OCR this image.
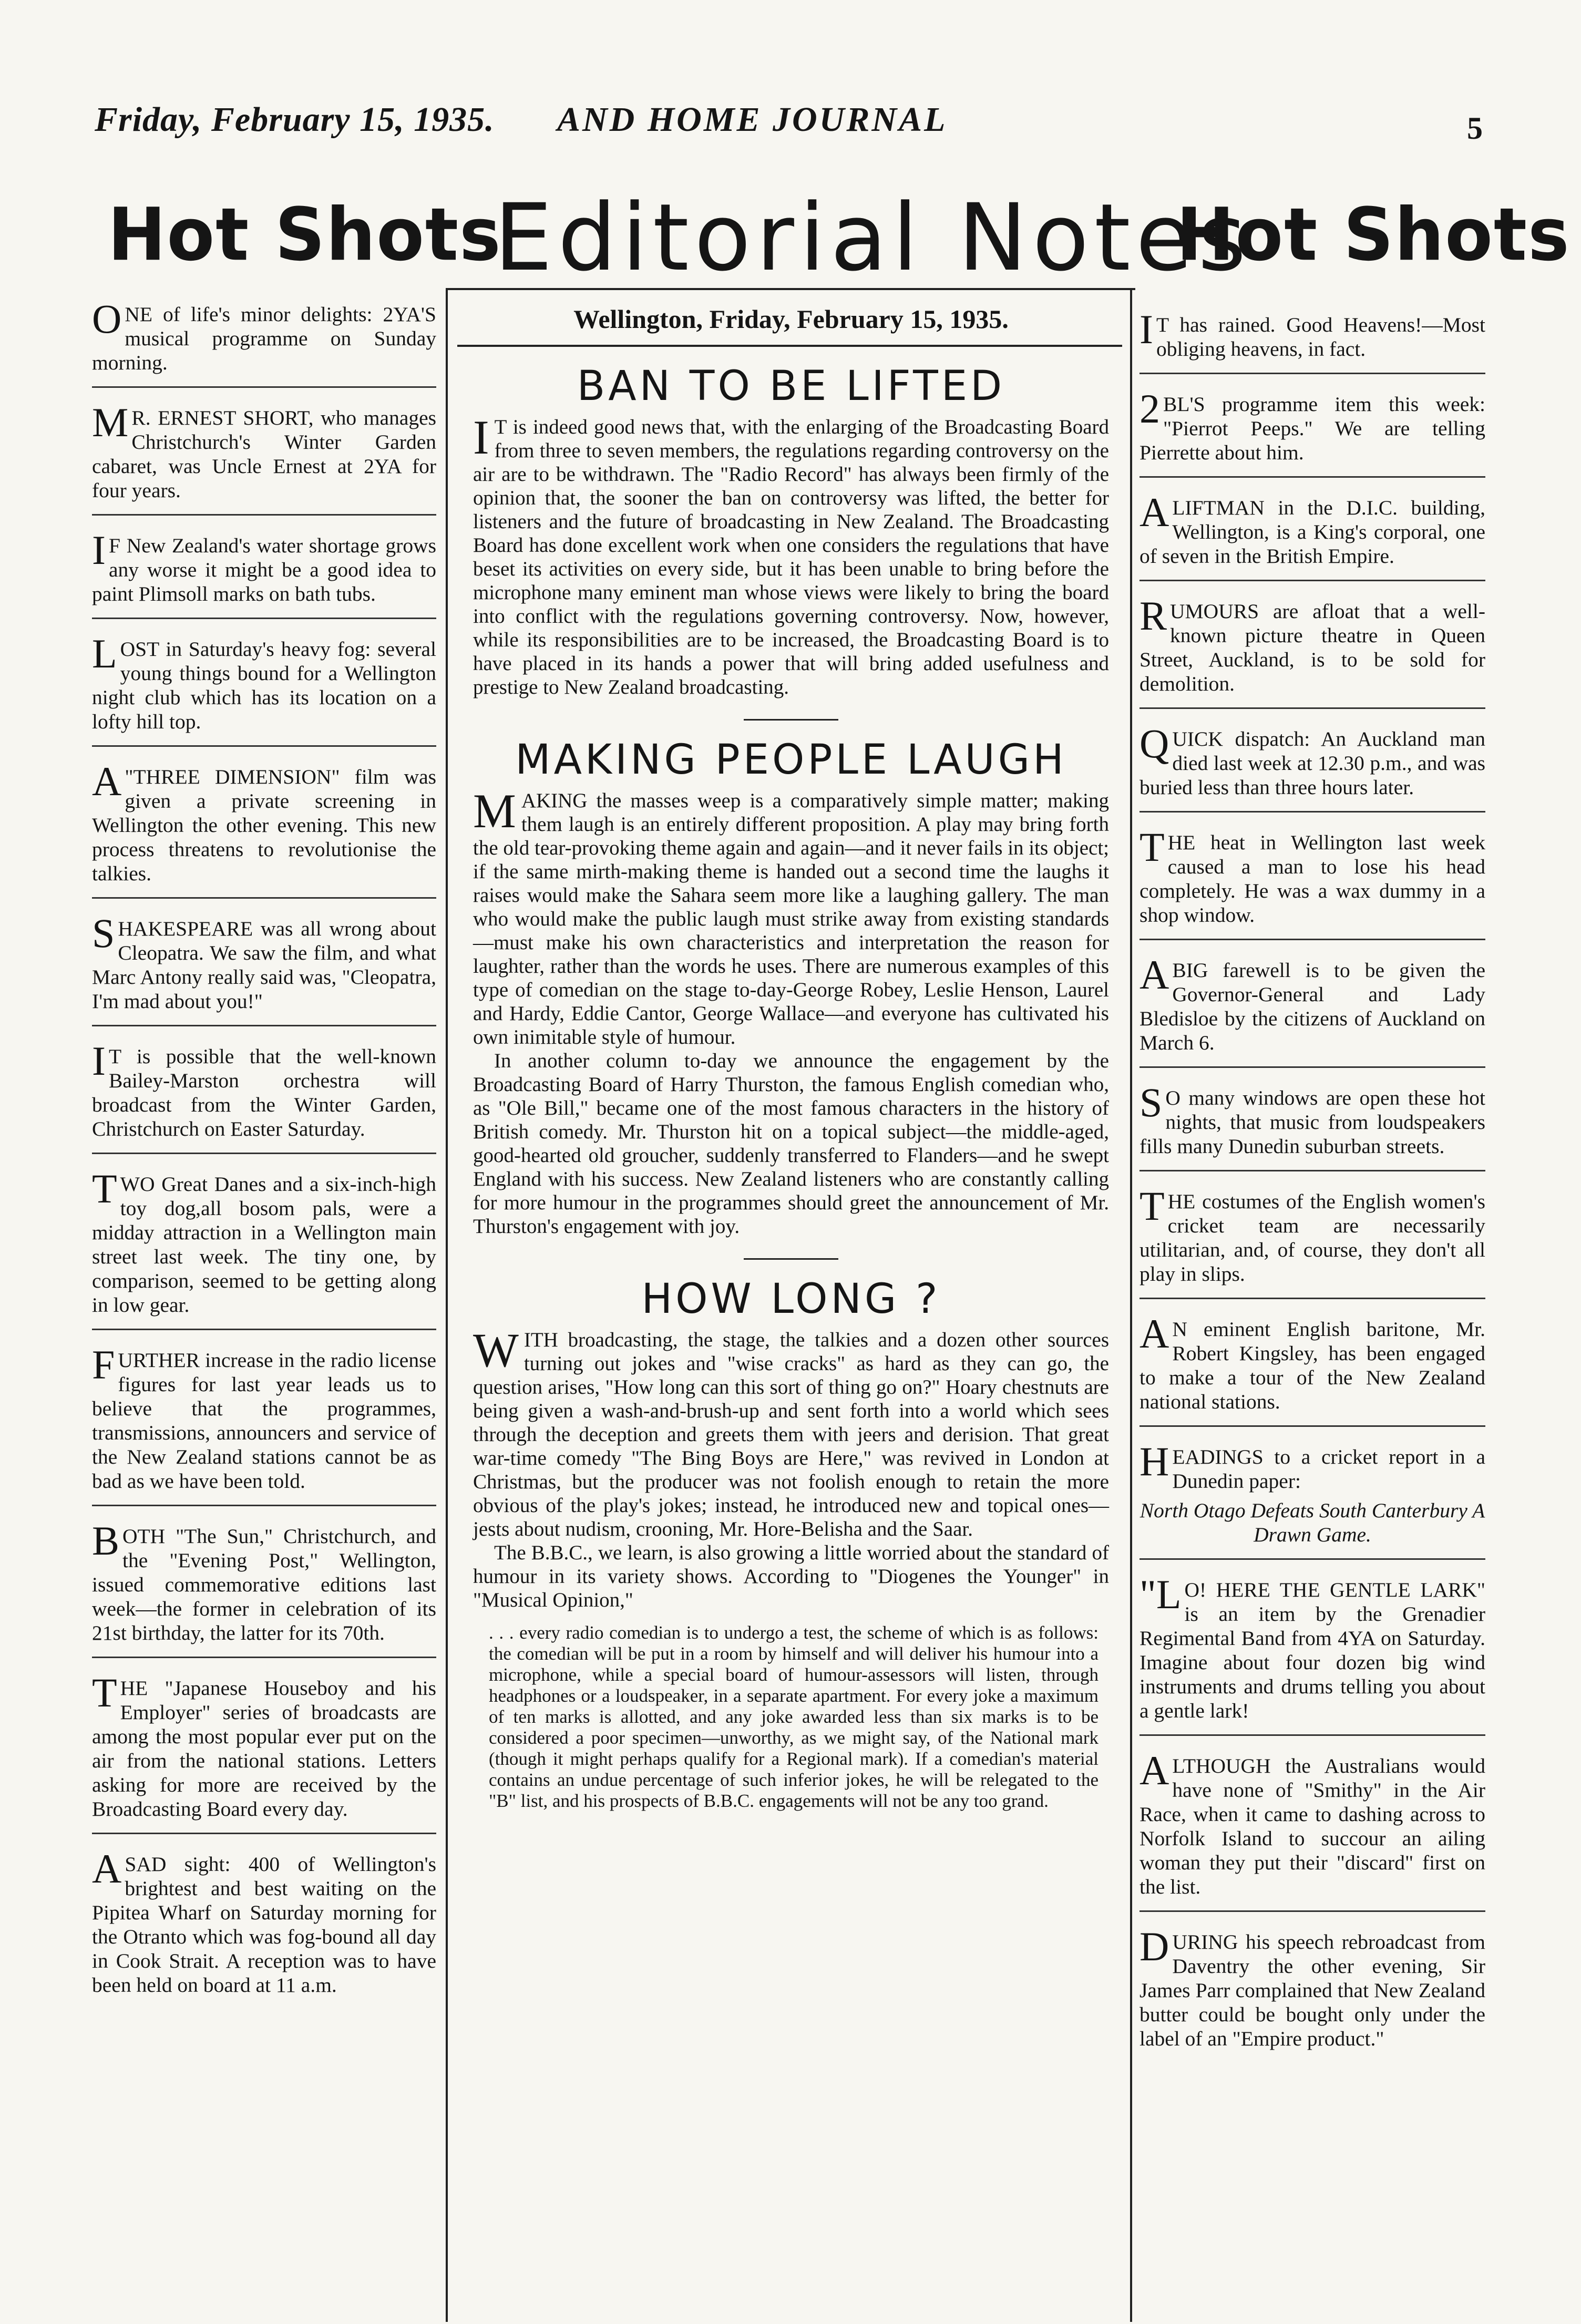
Friday, February 15, 1935. AND HOME JOURNAL	5
Hot Shots
Editorial Notes
Hot Shots
Wellington, Friday, February 15, 1935.

ONE of life's minor delights: 2YA'S musical programme on Sunday morning.

M R. ERNEST SHORT, who manages Christchurch's Winter Garden cabaret, was Uncle Ernest at 2YA for four years.

I F New Zealand's water shortage grows any worse it might be a good idea to paint Plimsoll marks on bath tubs.

LOST in Saturday's heavy fog: several young things bound for a Wellington night club which has its location on a lofty hill top.

A "THREE DIMENSION" film was given a private screening in Wellington the other evening. This new process threatens to revolutionise the talkies.

SHAKESPEARE was all wrong about Cleopatra. We saw the film, and what Marc Antony really said was, "Cleopatra, I'm mad about you!"

I T is possible that the well-known Bailey-Marston orchestra will broadcast from the Winter Garden, Christchurch on Easter Saturday.

TWO Great Danes and a six-inch-high toy dog,all bosom pals, were a midday attraction in a Wellington main street last week. The tiny one, by comparison, seemed to be getting along in low gear.

FURTHER increase in the radio license figures for last year leads us to believe that the programmes, transmissions, announcers and service of the New Zealand stations cannot be as bad as we have been told.

BOTH "The Sun," Christchurch, and the "Evening Post," Wellington, issued commemorative editions last week—the former in celebration of its 21st birthday, the latter for its 70th.

THE "Japanese Houseboy and his Employer" series of broadcasts are among the most popular ever put on the air from the national stations. Letters asking for more are received by the Broadcasting Board every day.

A SAD sight: 400 of Wellington's brightest and best waiting on the Pipitea Wharf on Saturday morning for the Otranto which was fog-bound all day in Cook Strait. A reception was to have been held on board at 11 a.m.

I T has rained. Good Heavens!—Most obliging heavens, in fact.

2 BL'S programme item this week: "Pierrot Peeps." We are telling Pierrette about him.

A LIFTMAN in the D.I.C. building, Wellington, is a King's corporal, one of seven in the British Empire.

RUMOURS are afloat that a well-known picture theatre in Queen Street, Auckland, is to be sold for demolition.

QUICK dispatch: An Auckland man died last week at 12.30 p.m., and was buried less than three hours later.

THE heat in Wellington last week caused a man to lose his head completely. He was a wax dummy in a shop window.

A BIG farewell is to be given the Governor-General and Lady Bledisloe by the citizens of Auckland on March 6.

S O many windows are open these hot nights, that music from loudspeakers fills many Dunedin suburban streets.

THE costumes of the English women's cricket team are necessarily utilitarian, and, of course, they don't all play in slips.

A N eminent English baritone, Mr. Robert Kingsley, has been engaged to make a tour of the New Zealand national stations.

HEADINGS to a cricket report in a Dunedin paper:
North Otago Defeats South Canterbury A Drawn Game.

"L O! HERE THE GENTLE LARK" is an item by the Grenadier Regimental Band from 4YA on Saturday. Imagine about four dozen big wind instruments and drums telling you about a gentle lark!

ALTHOUGH the Australians would have none of "Smithy" in the Air Race, when it came to dashing across to Norfolk Island to succour an ailing woman they put their "discard" first on the list.

DURING his speech rebroadcast from Daventry the other evening, Sir James Parr complained that New Zealand butter could be bought only under the label of an "Empire product."

BAN TO BE LIFTED
I T is indeed good news that, with the enlarging of the Broadcasting Board from three to seven members, the regulations regarding controversy on the air are to be withdrawn. The "Radio Record" has always been firmly of the opinion that, the sooner the ban on controversy was lifted, the better for listeners and the future of broadcasting in New Zealand. The Broadcasting Board has done excellent work when one considers the regulations that have beset its activities on every side, but it has been unable to bring before the microphone many eminent man whose views were likely to bring the board into conflict with the regulations governing controversy. Now, however, while its responsibilities are to be increased, the Broadcasting Board is to have placed in its hands a power that will bring added usefulness and prestige to New Zealand broadcasting.
MAKING PEOPLE LAUGH

M AKING the masses weep is a comparatively simple matter; making them laugh is an entirely different proposition. A play may bring forth the old tear-provoking theme again and again—and it never fails in its object; if the same mirth-making theme is handed out a second time the laughs it raises would make the Sahara seem more like a laughing gallery. The man who would make the public laugh must strike away from existing standards—must make his own characteristics and interpretation the reason for laughter, rather than the words he uses. There are numerous examples of this type of comedian on the stage to-day-George Robey, Leslie Henson, Laurel and Hardy, Eddie Cantor, George Wallace—and everyone has cultivated his own inimitable style of humour.

In another column to-day we announce the engagement by the Broadcasting Board of Harry Thurston, the famous English comedian who, as "Ole Bill," became one of the most famous characters in the history of British comedy. Mr. Thurston hit on a topical subject—the middle-aged, good-hearted old groucher, suddenly transferred to Flanders—and he swept England with his success. New Zealand listeners who are constantly calling for more humour in the programmes should greet the announcement of Mr. Thurston's engagement with joy.

HOW LONG ?

W ITH broadcasting, the stage, the talkies and a dozen other sources turning out jokes and "wise cracks" as hard as they can go, the question arises, "How long can this sort of thing go on?" Hoary chestnuts are being given a wash-and-brush-up and sent forth into a world which sees through the deception and greets them with jeers and derision. That great war-time comedy "The Bing Boys are Here," was revived in London at Christmas, but the producer was not foolish enough to retain the more obvious of the play's jokes; instead, he introduced new and topical ones—jests about nudism, crooning, Mr. Hore-Belisha and the Saar.

The B.B.C., we learn, is also growing a little worried about the standard of humour in its variety shows. According to "Diogenes the Younger" in "Musical Opinion,"

. . . every radio comedian is to undergo a test, the scheme of which is as follows: the comedian will be put in a room by himself and will deliver his humour into a microphone, while a special board of humour-assessors will listen, through headphones or a loudspeaker, in a separate apartment. For every joke a maximum of ten marks is allotted, and any joke awarded less than six marks is to be considered a poor specimen—unworthy, as we might say, of the National mark (though it might perhaps qualify for a Regional mark). If a comedian's material contains an undue percentage of such inferior jokes, he will be relegated to the "B" list, and his prospects of B.B.C. engagements will not be any too grand.
